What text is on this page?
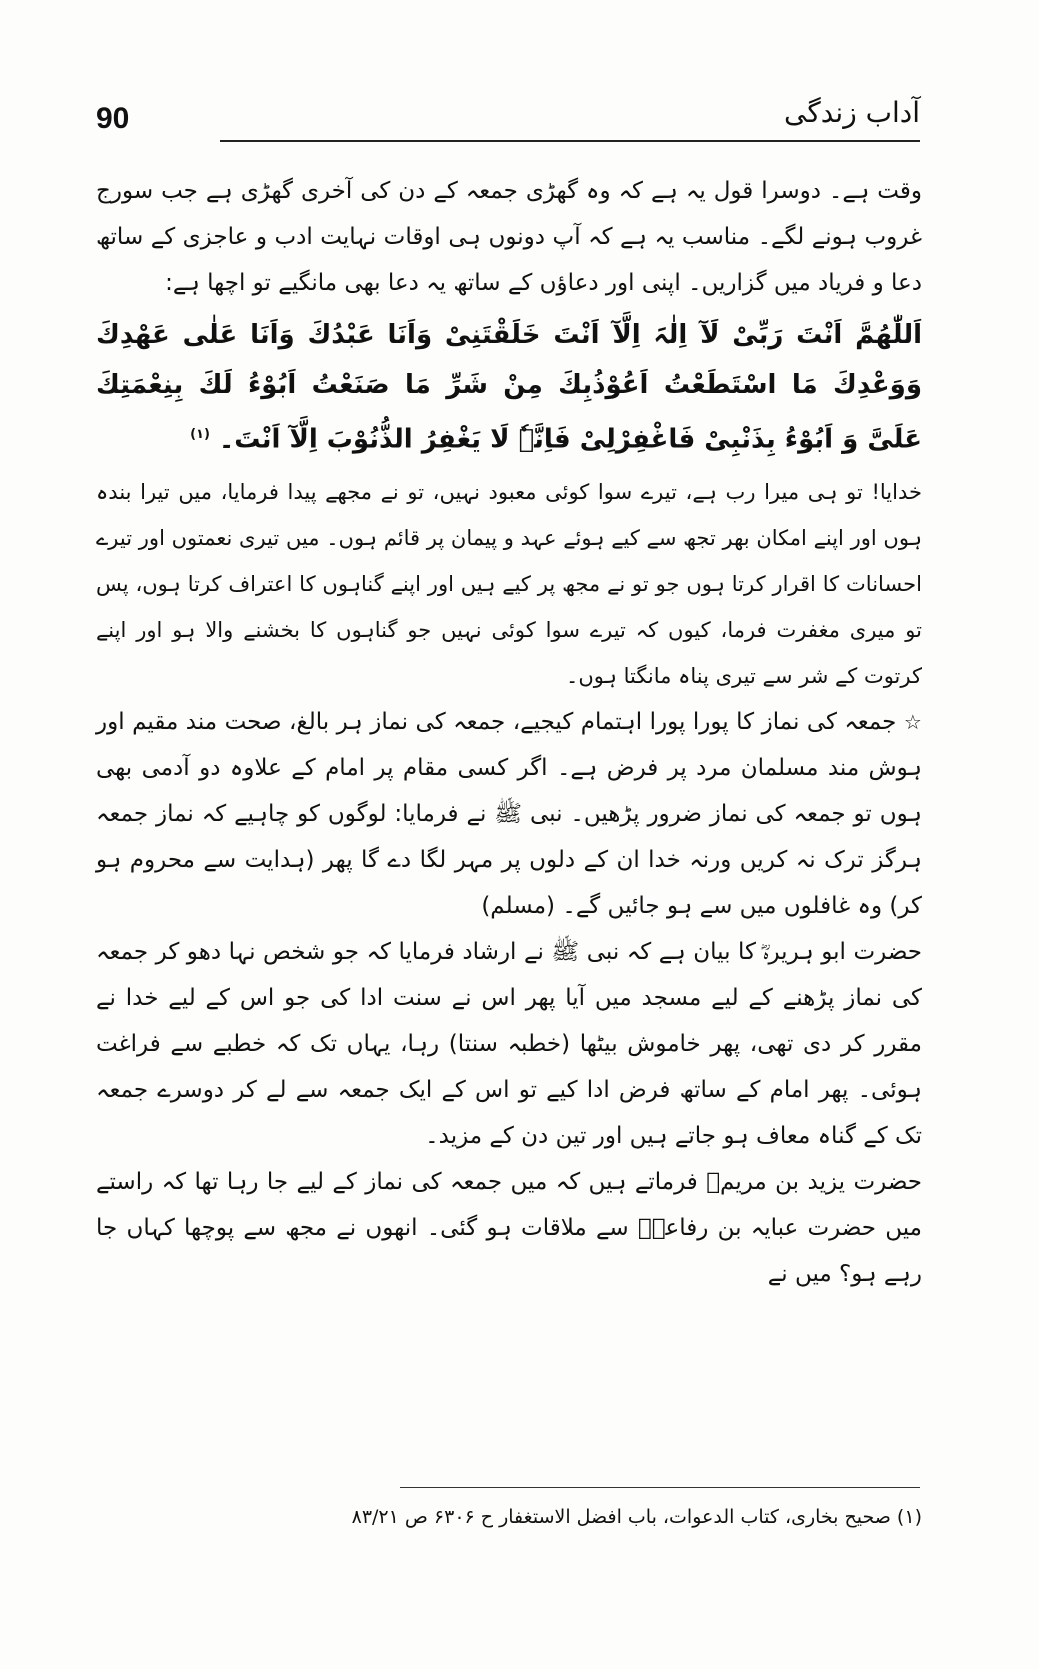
90	آداب زندگی

وقت ہے۔ دوسرا قول یہ ہے کہ وہ گھڑی جمعہ کے دن کی آخری گھڑی ہے جب سورج غروب ہونے لگے۔ مناسب یہ ہے کہ آپ دونوں ہی اوقات نہایت ادب و عاجزی کے ساتھ دعا و فریاد میں گزاریں۔ اپنی اور دعاؤں کے ساتھ یہ دعا بھی مانگیے تو اچھا ہے:

اَللّٰھُمَّ اَنْتَ رَبِّیْ لَآ اِلٰہَ اِلَّآ اَنْتَ خَلَقْتَنِیْ وَاَنَا عَبْدُكَ وَاَنَا عَلٰی عَھْدِكَ وَوَعْدِكَ مَا اسْتَطَعْتُ اَعُوْذُبِكَ مِنْ شَرِّ مَا صَنَعْتُ اَبُوْءُ لَكَ بِنِعْمَتِكَ عَلَیَّ وَ اَبُوْءُ بِذَنْبِیْ فَاغْفِرْلِیْ فَاِنَّہٗ لَا یَغْفِرُ الذُّنُوْبَ اِلَّآ اَنْتَ۔ $^{(۱)}$

خدایا! تو ہی میرا رب ہے، تیرے سوا کوئی معبود نہیں، تو نے مجھے پیدا فرمایا، میں تیرا بندہ ہوں اور اپنے امکان بھر تجھ سے کیے ہوئے عہد و پیمان پر قائم ہوں۔ میں تیری نعمتوں اور تیرے احسانات کا اقرار کرتا ہوں جو تو نے مجھ پر کیے ہیں اور اپنے گناہوں کا اعتراف کرتا ہوں، پس تو میری مغفرت فرما، کیوں کہ تیرے سوا کوئی نہیں جو گناہوں کا بخشنے والا ہو اور اپنے کرتوت کے شر سے تیری پناہ مانگتا ہوں۔

☆ جمعہ کی نماز کا پورا پورا اہتمام کیجیے، جمعہ کی نماز ہر بالغ، صحت مند مقیم اور ہوش مند مسلمان مرد پر فرض ہے۔ اگر کسی مقام پر امام کے علاوہ دو آدمی بھی ہوں تو جمعہ کی نماز ضرور پڑھیں۔ نبی ﷺ نے فرمایا: لوگوں کو چاہیے کہ نماز جمعہ ہرگز ترک نہ کریں ورنہ خدا ان کے دلوں پر مہر لگا دے گا پھر (ہدایت سے محروم ہو کر) وہ غافلوں میں سے ہو جائیں گے۔ (مسلم)

حضرت ابو ہریرہؓ کا بیان ہے کہ نبی ﷺ نے ارشاد فرمایا کہ جو شخص نہا دھو کر جمعہ کی نماز پڑھنے کے لیے مسجد میں آیا پھر اس نے سنت ادا کی جو اس کے لیے خدا نے مقرر کر دی تھی، پھر خاموش بیٹھا (خطبہ سنتا) رہا، یہاں تک کہ خطبے سے فراغت ہوئی۔ پھر امام کے ساتھ فرض ادا کیے تو اس کے ایک جمعہ سے لے کر دوسرے جمعہ تک کے گناہ معاف ہو جاتے ہیں اور تین دن کے مزید۔

حضرت یزید بن مریمؓ فرماتے ہیں کہ میں جمعہ کی نماز کے لیے جا رہا تھا کہ راستے میں حضرت عبایہ بن رفاعہؓ سے ملاقات ہو گئی۔ انھوں نے مجھ سے پوچھا کہاں جا رہے ہو؟ میں نے

(۱) صحیح بخاری، کتاب الدعوات، باب افضل الاستغفار ح ۶۳۰۶ ص ۸۳/۲۱
